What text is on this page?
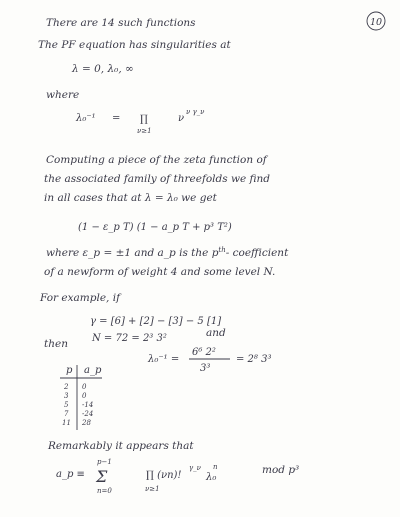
10
There are 14 such functions
The PF equation has singularities at
λ = 0, λ₀, ∞
where
λ₀⁻¹ = ∏
ν≥1
ν
ν γ_ν
Computing a piece of the zeta function of
the associated family of threefolds we find
in all cases that at λ = λ₀ we get
(1 − ε_p T) (1 − a_p T + p³ T²)
where ε_p = ±1 and a_p is the $p^{th}-$ coefficient
of a newform of weight 4 and some level N.
For example, if
γ = [6] + [2] − [3] − 5 [1]
then N = 72 = 2³ 3²	and
λ₀⁻¹ =
6⁶ 2²
3³
= 2⁸ 3³
p a_p
2 0
3 0
5 -14
7 -24
11 28
Remarkably it appears that
a_p ≡ Σ
p−1
n=0
∏ (νn)!
γ_ν
ν≥1
λ₀
n	mod p³
